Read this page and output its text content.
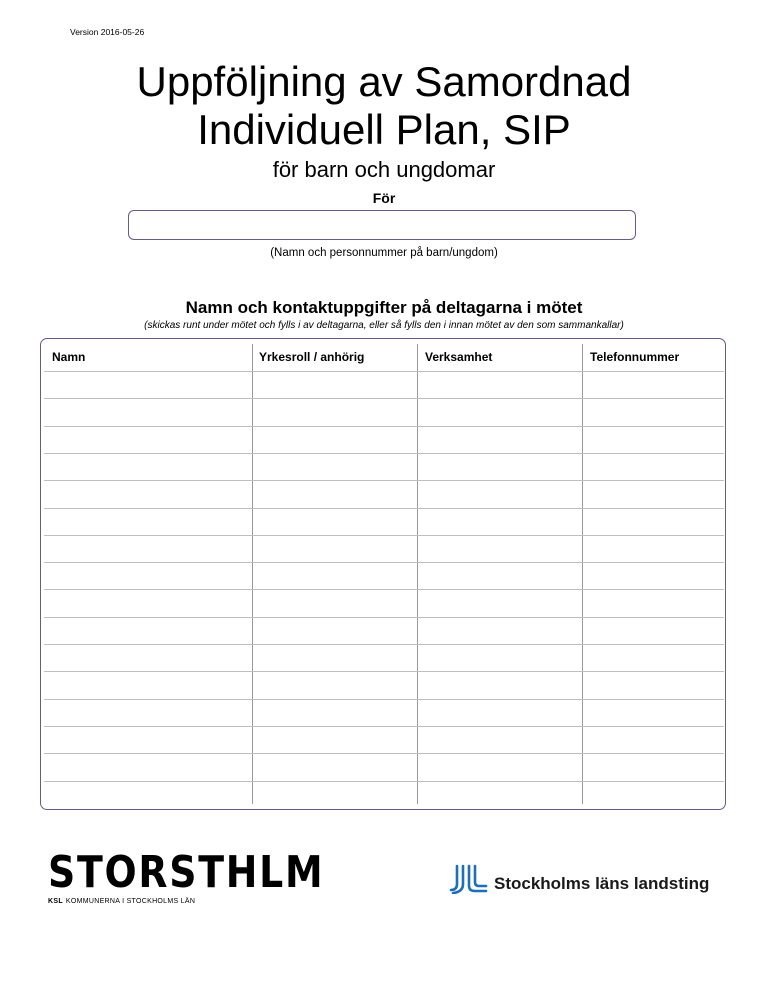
Version 2016-05-26
Uppföljning av Samordnad
Individuell Plan, SIP
för barn och ungdomar
För
(Namn och personnummer på barn/ungdom)
Namn och kontaktuppgifter på deltagarna i mötet
(skickas runt under mötet och fylls i av deltagarna, eller så fylls den i innan mötet av den som sammankallar)
Namn	Yrkesroll / anhörig	Verksamhet	Telefonnummer
STORSTHLM
KSL KOMMUNERNA I STOCKHOLMS LÄN
Stockholms läns landsting
